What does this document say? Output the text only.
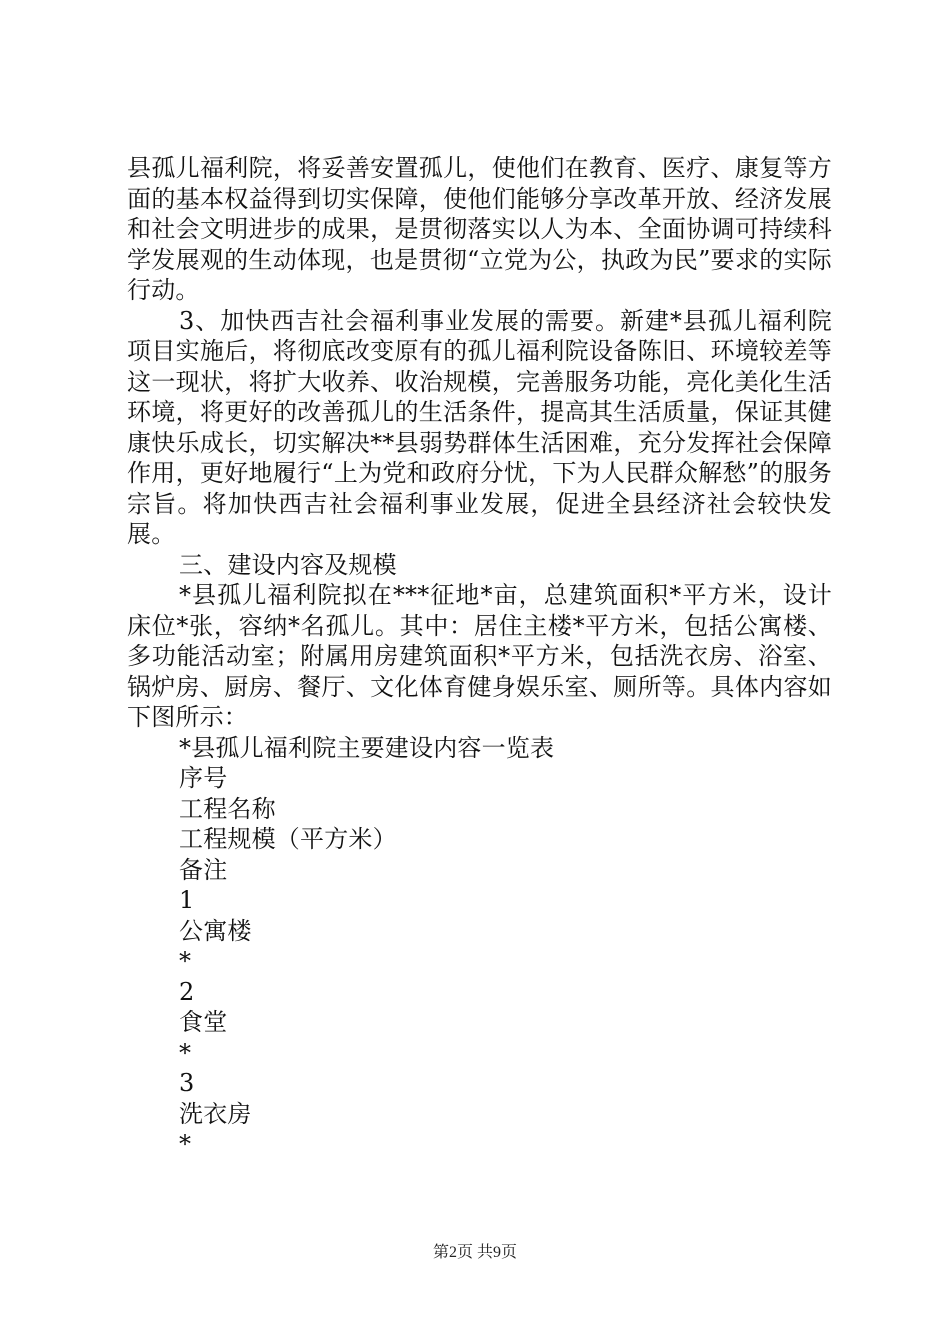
县孤儿福利院，将妥善安置孤儿，使他们在教育、医疗、康复等方面的基本权益得到切实保障，使他们能够分享改革开放、经济发展和社会文明进步的成果，是贯彻落实以人为本、全面协调可持续科学发展观的生动体现，也是贯彻“立党为公，执政为民”要求的实际行动。

3、加快西吉社会福利事业发展的需要。新建*县孤儿福利院项目实施后，将彻底改变原有的孤儿福利院设备陈旧、环境较差等这一现状，将扩大收养、收治规模，完善服务功能，亮化美化生活环境，将更好的改善孤儿的生活条件，提高其生活质量，保证其健康快乐成长，切实解决**县弱势群体生活困难，充分发挥社会保障作用，更好地履行“上为党和政府分忧，下为人民群众解愁”的服务宗旨。将加快西吉社会福利事业发展，促进全县经济社会较快发展。

三、建设内容及规模

*县孤儿福利院拟在***征地*亩，总建筑面积*平方米，设计床位*张，容纳*名孤儿。其中：居住主楼*平方米，包括公寓楼、多功能活动室；附属用房建筑面积*平方米，包括洗衣房、浴室、锅炉房、厨房、餐厅、文化体育健身娱乐室、厕所等。具体内容如下图所示：

*县孤儿福利院主要建设内容一览表
序号
工程名称
工程规模（平方米）
备注
1
公寓楼
*
2
食堂
*
3
洗衣房
*
第2页 共9页
